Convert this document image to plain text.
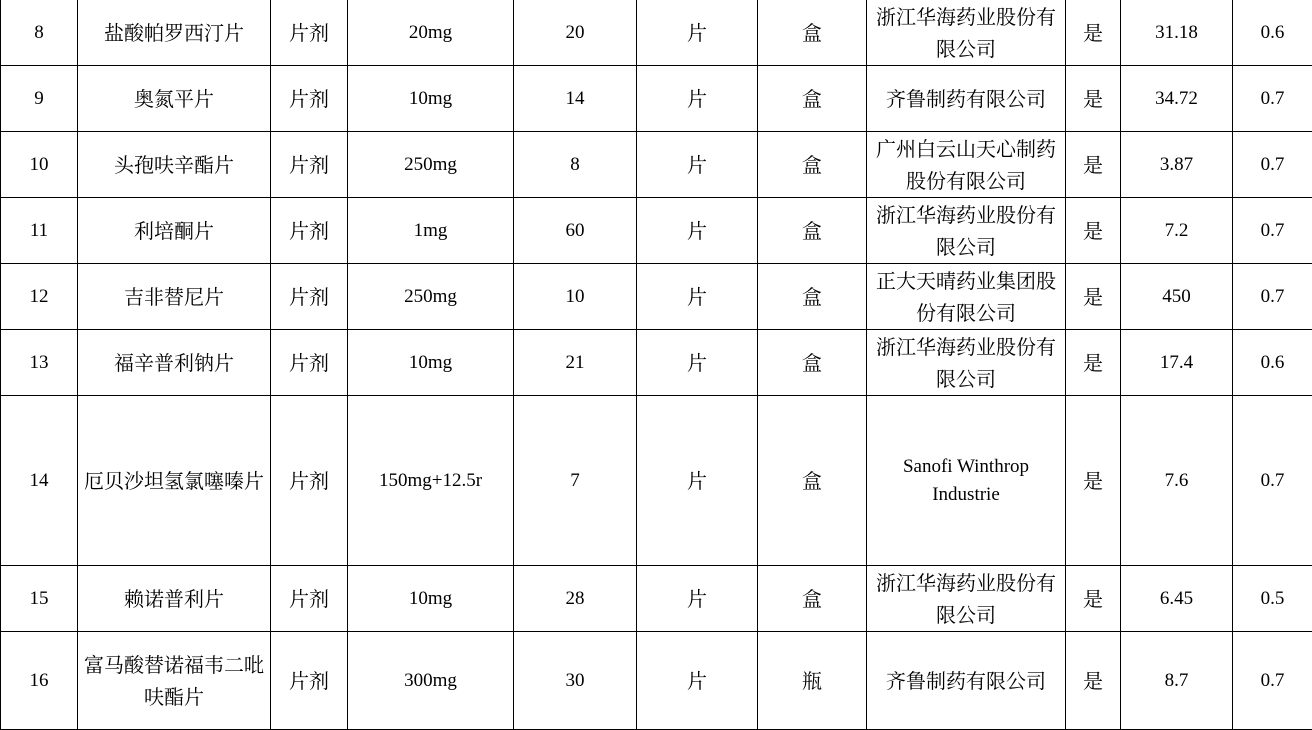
8	盐酸帕罗西汀片	片剂	20mg	20	片	盒	浙江华海药业股份有限公司	是	31.18	0.6
9	奥氮平片	片剂	10mg	14	片	盒	齐鲁制药有限公司	是	34.72	0.7
10	头孢呋辛酯片	片剂	250mg	8	片	盒	广州白云山天心制药股份有限公司	是	3.87	0.7
11	利培酮片	片剂	1mg	60	片	盒	浙江华海药业股份有限公司	是	7.2	0.7
12	吉非替尼片	片剂	250mg	10	片	盒	正大天晴药业集团股份有限公司	是	450	0.7
13	福辛普利钠片	片剂	10mg	21	片	盒	浙江华海药业股份有限公司	是	17.4	0.6
14	厄贝沙坦氢氯噻嗪片	片剂	150mg+12.5r	7	片	盒	Sanofi Winthrop Industrie	是	7.6	0.7
15	赖诺普利片	片剂	10mg	28	片	盒	浙江华海药业股份有限公司	是	6.45	0.5
16	富马酸替诺福韦二吡呋酯片	片剂	300mg	30	片	瓶	齐鲁制药有限公司	是	8.7	0.7
